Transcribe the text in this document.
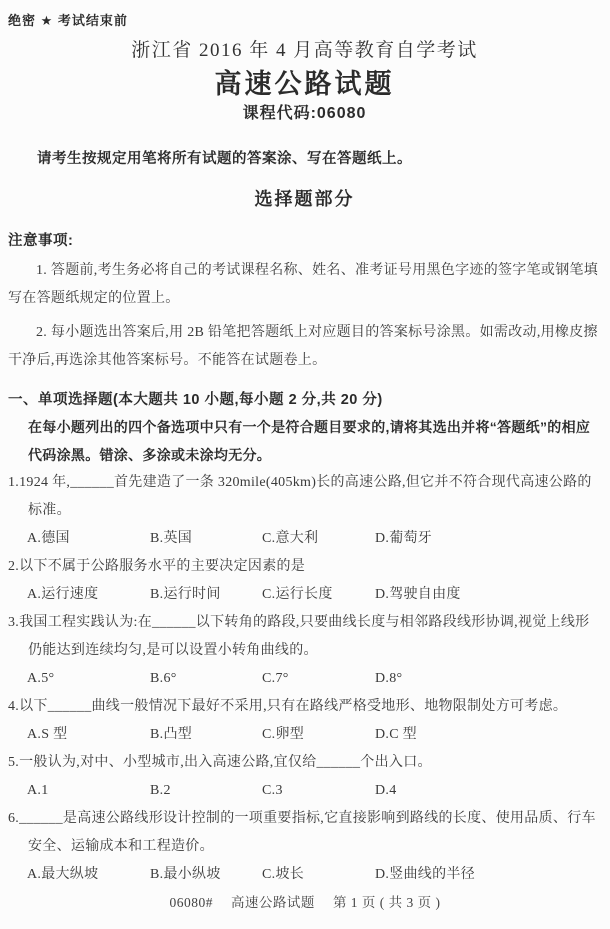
绝密 ★ 考试结束前
浙江省 2016 年 4 月高等教育自学考试
高速公路试题
课程代码:06080
请考生按规定用笔将所有试题的答案涂、写在答题纸上。
选择题部分
注意事项:

1. 答题前,考生务必将自己的考试课程名称、姓名、准考证号用黑色字迹的签字笔或钢笔填写在答题纸规定的位置上。

2. 每小题选出答案后,用 2B 铅笔把答题纸上对应题目的答案标号涂黑。如需改动,用橡皮擦干净后,再选涂其他答案标号。不能答在试题卷上。

一、单项选择题(本大题共 10 小题,每小题 2 分,共 20 分)

在每小题列出的四个备选项中只有一个是符合题目要求的,请将其选出并将“答题纸”的相应代码涂黑。错涂、多涂或未涂均无分。

1.1924 年,______首先建造了一条 320mile(405km)长的高速公路,但它并不符合现代高速公路的标准。

A.德国	B.英国	C.意大利	D.葡萄牙

2.以下不属于公路服务水平的主要决定因素的是

A.运行速度	B.运行时间	C.运行长度	D.驾驶自由度

3.我国工程实践认为:在______以下转角的路段,只要曲线长度与相邻路段线形协调,视觉上线形仍能达到连续均匀,是可以设置小转角曲线的。

A.5°	B.6°	C.7°	D.8°

4.以下______曲线一般情况下最好不采用,只有在路线严格受地形、地物限制处方可考虑。

A.S 型	B.凸型	C.卵型	D.C 型

5.一般认为,对中、小型城市,出入高速公路,宜仅给______个出入口。

A.1	B.2	C.3	D.4

6.______是高速公路线形设计控制的一项重要指标,它直接影响到路线的长度、使用品质、行车安全、运输成本和工程造价。

A.最大纵坡	B.最小纵坡	C.坡长	D.竖曲线的半径
06080# 高速公路试题 第 1 页 ( 共 3 页 )
